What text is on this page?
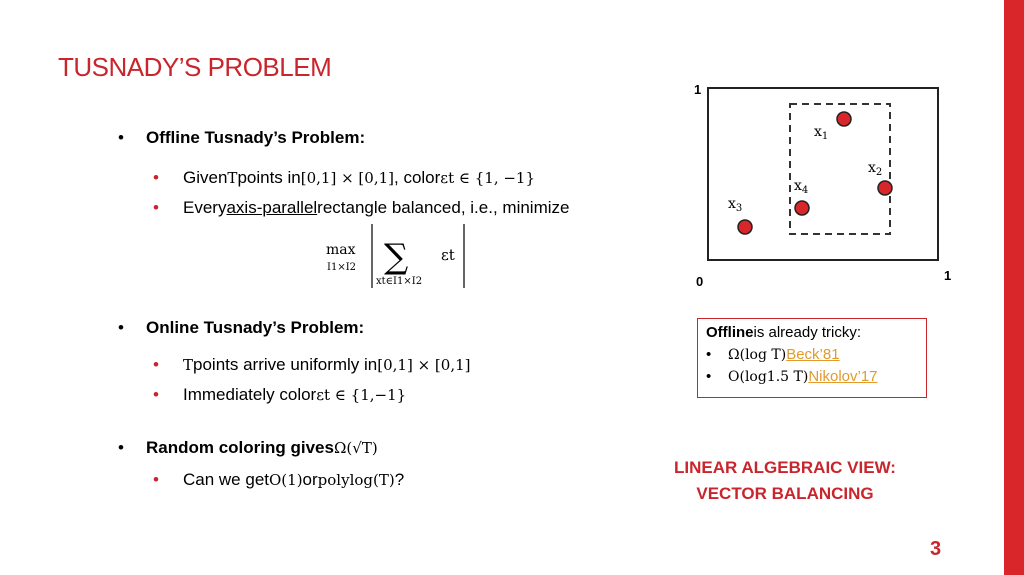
TUSNADY’S PROBLEM
•	Offline Tusnady’s Problem:
•	Given T points in [0,1] × [0,1] , color εt ∈ {1, −1}
•	Every axis-parallel rectangle balanced, i.e., minimize
max
I1×I2 ∑
xt∈I1×I2
εt
•	Online Tusnady’s Problem:
•	T points arrive uniformly in [0,1] × [0,1]
•	Immediately color εt ∈ {1,−1}
•	Random coloring gives Ω(√T)
•	Can we get O(1) or polylog(T) ?
1
0	1
$x_1$
$x_2$
$x_3$
$x_4$
Offline is already tricky:
•	Ω(log T) Beck’81
•	O(log1.5 T) Nikolov’17
LINEAR ALGEBRAIC VIEW:
VECTOR BALANCING
3
